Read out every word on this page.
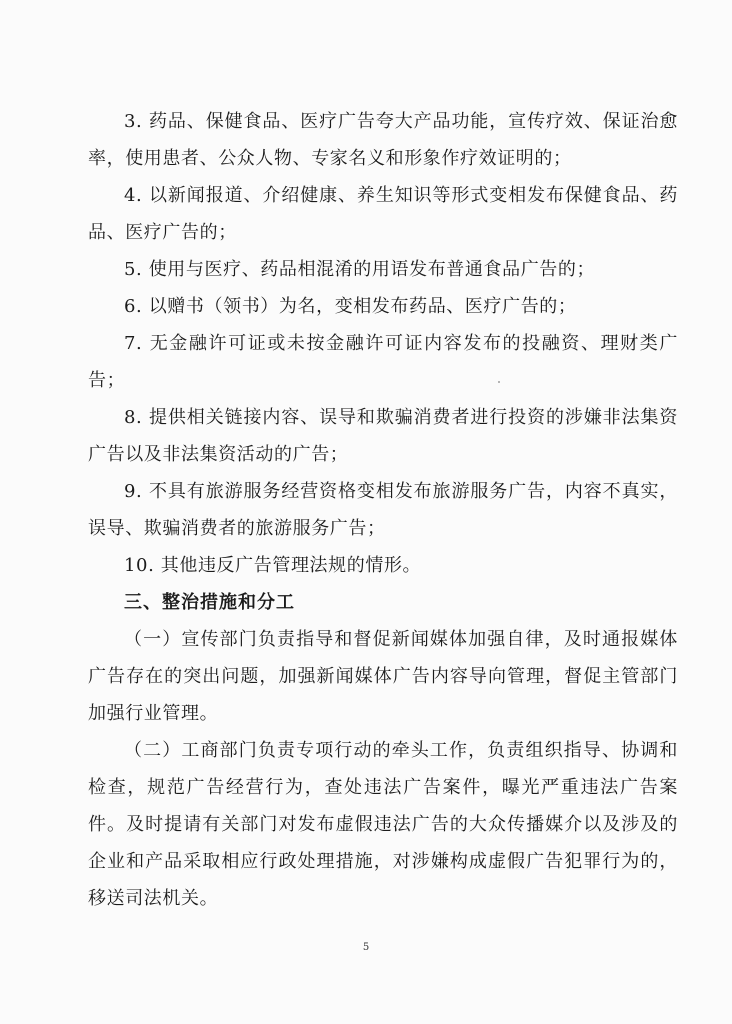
3. 药品、保健食品、医疗广告夸大产品功能，宣传疗效、保证治愈率，使用患者、公众人物、专家名义和形象作疗效证明的；

4. 以新闻报道、介绍健康、养生知识等形式变相发布保健食品、药品、医疗广告的；

5. 使用与医疗、药品相混淆的用语发布普通食品广告的；

6. 以赠书（领书）为名，变相发布药品、医疗广告的；

7. 无金融许可证或未按金融许可证内容发布的投融资、理财类广告；

8. 提供相关链接内容、误导和欺骗消费者进行投资的涉嫌非法集资广告以及非法集资活动的广告；

9. 不具有旅游服务经营资格变相发布旅游服务广告，内容不真实，误导、欺骗消费者的旅游服务广告；

10. 其他违反广告管理法规的情形。

三、整治措施和分工

（一）宣传部门负责指导和督促新闻媒体加强自律，及时通报媒体广告存在的突出问题，加强新闻媒体广告内容导向管理，督促主管部门加强行业管理。

（二）工商部门负责专项行动的牵头工作，负责组织指导、协调和检查，规范广告经营行为，查处违法广告案件，曝光严重违法广告案件。及时提请有关部门对发布虚假违法广告的大众传播媒介以及涉及的企业和产品采取相应行政处理措施，对涉嫌构成虚假广告犯罪行为的，移送司法机关。

5
